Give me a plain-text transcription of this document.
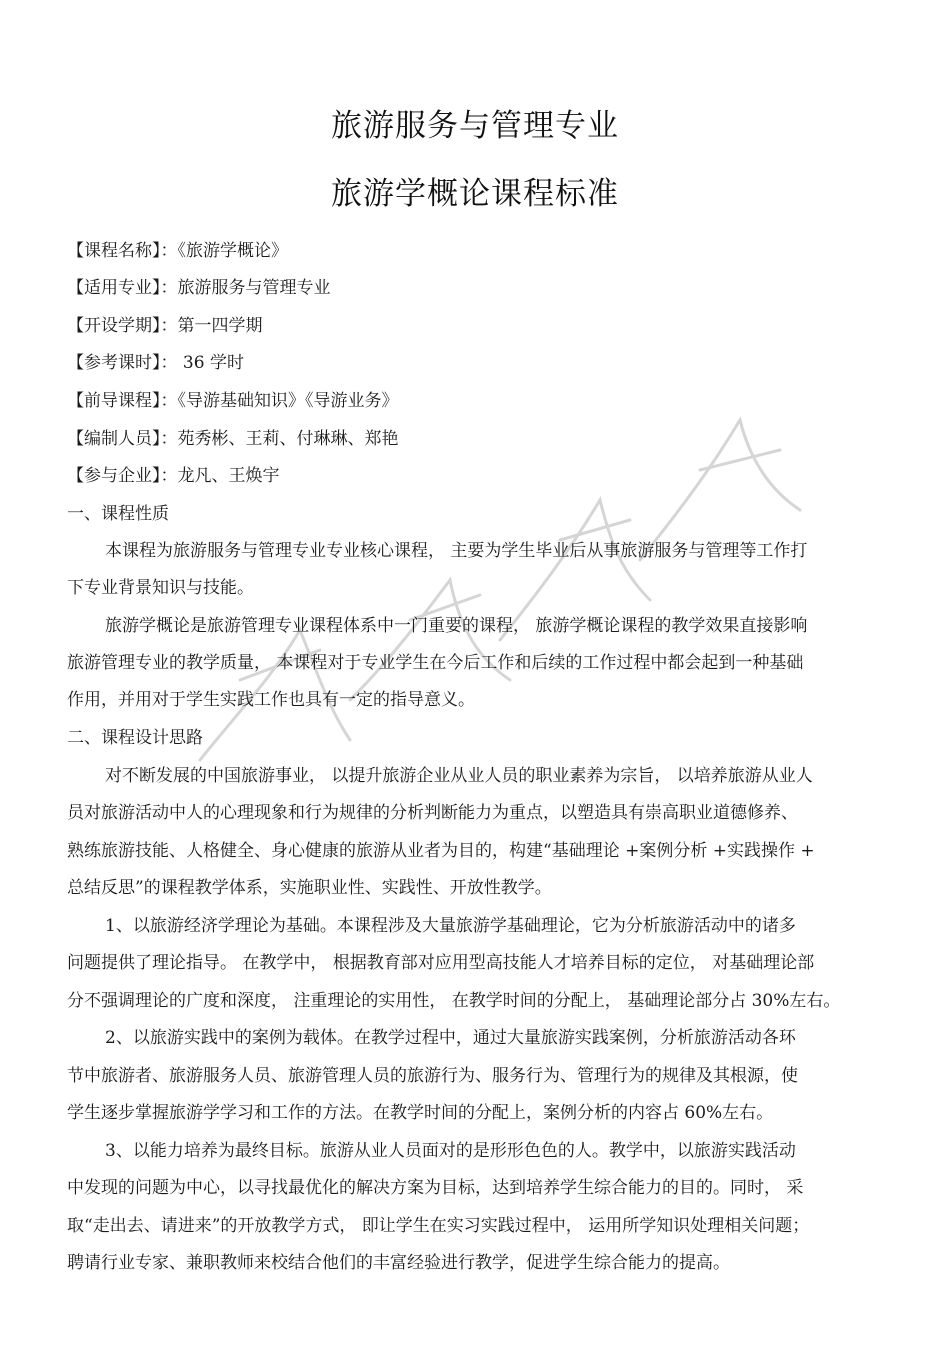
旅游服务与管理专业
旅游学概论课程标准
【课程名称】：《旅游学概论》
【适用专业】：旅游服务与管理专业
【开设学期】：第一四学期
【参考课时】： 36 学时
【前导课程】：《导游基础知识》《导游业务》
【编制人员】：苑秀彬、王莉、付琳琳、郑艳
【参与企业】：龙凡、王焕宇
一、课程性质
本课程为旅游服务与管理专业专业核心课程， 主要为学生毕业后从事旅游服务与管理等工作打
下专业背景知识与技能。
旅游学概论是旅游管理专业课程体系中一门重要的课程， 旅游学概论课程的教学效果直接影响
旅游管理专业的教学质量， 本课程对于专业学生在今后工作和后续的工作过程中都会起到一种基础
作用，并用对于学生实践工作也具有一定的指导意义。
二、课程设计思路
对不断发展的中国旅游事业， 以提升旅游企业从业人员的职业素养为宗旨， 以培养旅游从业人
员对旅游活动中人的心理现象和行为规律的分析判断能力为重点，以塑造具有崇高职业道德修养、
熟练旅游技能、人格健全、身心健康的旅游从业者为目的，构建“基础理论 +案例分析 +实践操作 +
总结反思”的课程教学体系，实施职业性、实践性、开放性教学。
1、以旅游经济学理论为基础。本课程涉及大量旅游学基础理论，它为分析旅游活动中的诸多
问题提供了理论指导。 在教学中， 根据教育部对应用型高技能人才培养目标的定位， 对基础理论部
分不强调理论的广度和深度， 注重理论的实用性， 在教学时间的分配上， 基础理论部分占 30%左右。
2、以旅游实践中的案例为载体。在教学过程中，通过大量旅游实践案例，分析旅游活动各环
节中旅游者、旅游服务人员、旅游管理人员的旅游行为、服务行为、管理行为的规律及其根源，使
学生逐步掌握旅游学学习和工作的方法。在教学时间的分配上，案例分析的内容占 60%左右。
3、以能力培养为最终目标。旅游从业人员面对的是形形色色的人。教学中，以旅游实践活动
中发现的问题为中心，以寻找最优化的解决方案为目标，达到培养学生综合能力的目的。同时， 采
取“走出去、请进来”的开放教学方式， 即让学生在实习实践过程中， 运用所学知识处理相关问题；
聘请行业专家、兼职教师来校结合他们的丰富经验进行教学，促进学生综合能力的提高。
